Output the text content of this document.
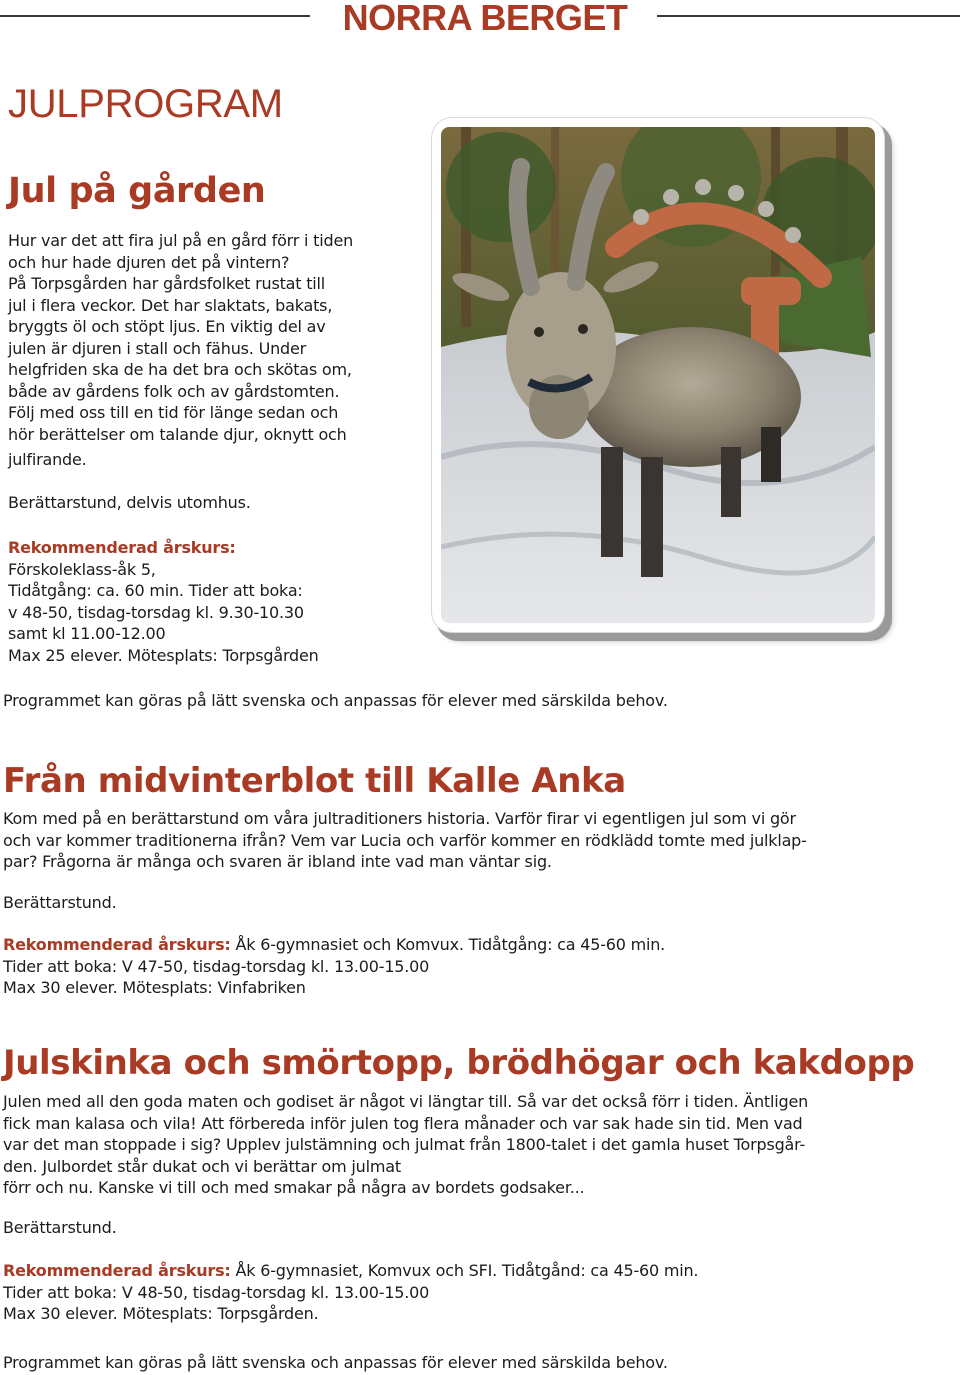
NORRA BERGET
JULPROGRAM
Jul på gården
Hur var det att fira jul på en gård förr i tiden
och hur hade djuren det på vintern?
På Torpsgården har gårdsfolket rustat till
jul i flera veckor. Det har slaktats, bakats,
bryggts öl och stöpt ljus. En viktig del av
julen är djuren i stall och fähus. Under
helgfriden ska de ha det bra och skötas om,
både av gårdens folk och av gårdstomten.
Följ med oss till en tid för länge sedan och
hör berättelser om talande djur, oknytt och
julfirande.

Berättarstund, delvis utomhus.

Rekommenderad årskurs:
Förskoleklass-åk 5,
Tidåtgång: ca. 60 min. Tider att boka:
v 48-50, tisdag-torsdag kl. 9.30-10.30
samt kl 11.00-12.00
Max 25 elever. Mötesplats: Torpsgården

Programmet kan göras på lätt svenska och anpassas för elever med särskilda behov.

Från midvinterblot till Kalle Anka
Kom med på en berättarstund om våra jultraditioners historia. Varför firar vi egentligen jul som vi gör
och var kommer traditionerna ifrån? Vem var Lucia och varför kommer en rödklädd tomte med julklap-
par? Frågorna är många och svaren är ibland inte vad man väntar sig.

Berättarstund.

Rekommenderad årskurs: Åk 6-gymnasiet och Komvux. Tidåtgång: ca 45-60 min.
Tider att boka: V 47-50, tisdag-torsdag kl. 13.00-15.00
Max 30 elever. Mötesplats: Vinfabriken
Julskinka och smörtopp, brödhögar och kakdopp
Julen med all den goda maten och godiset är något vi längtar till. Så var det också förr i tiden. Äntligen
fick man kalasa och vila! Att förbereda inför julen tog flera månader och var sak hade sin tid. Men vad
var det man stoppade i sig? Upplev julstämning och julmat från 1800-talet i det gamla huset Torpsgår-
den. Julbordet står dukat och vi berättar om julmat
förr och nu. Kanske vi till och med smakar på några av bordets godsaker...

Berättarstund.

Rekommenderad årskurs: Åk 6-gymnasiet, Komvux och SFI. Tidåtgånd: ca 45-60 min.
Tider att boka: V 48-50, tisdag-torsdag kl. 13.00-15.00
Max 30 elever. Mötesplats: Torpsgården.

Programmet kan göras på lätt svenska och anpassas för elever med särskilda behov.
